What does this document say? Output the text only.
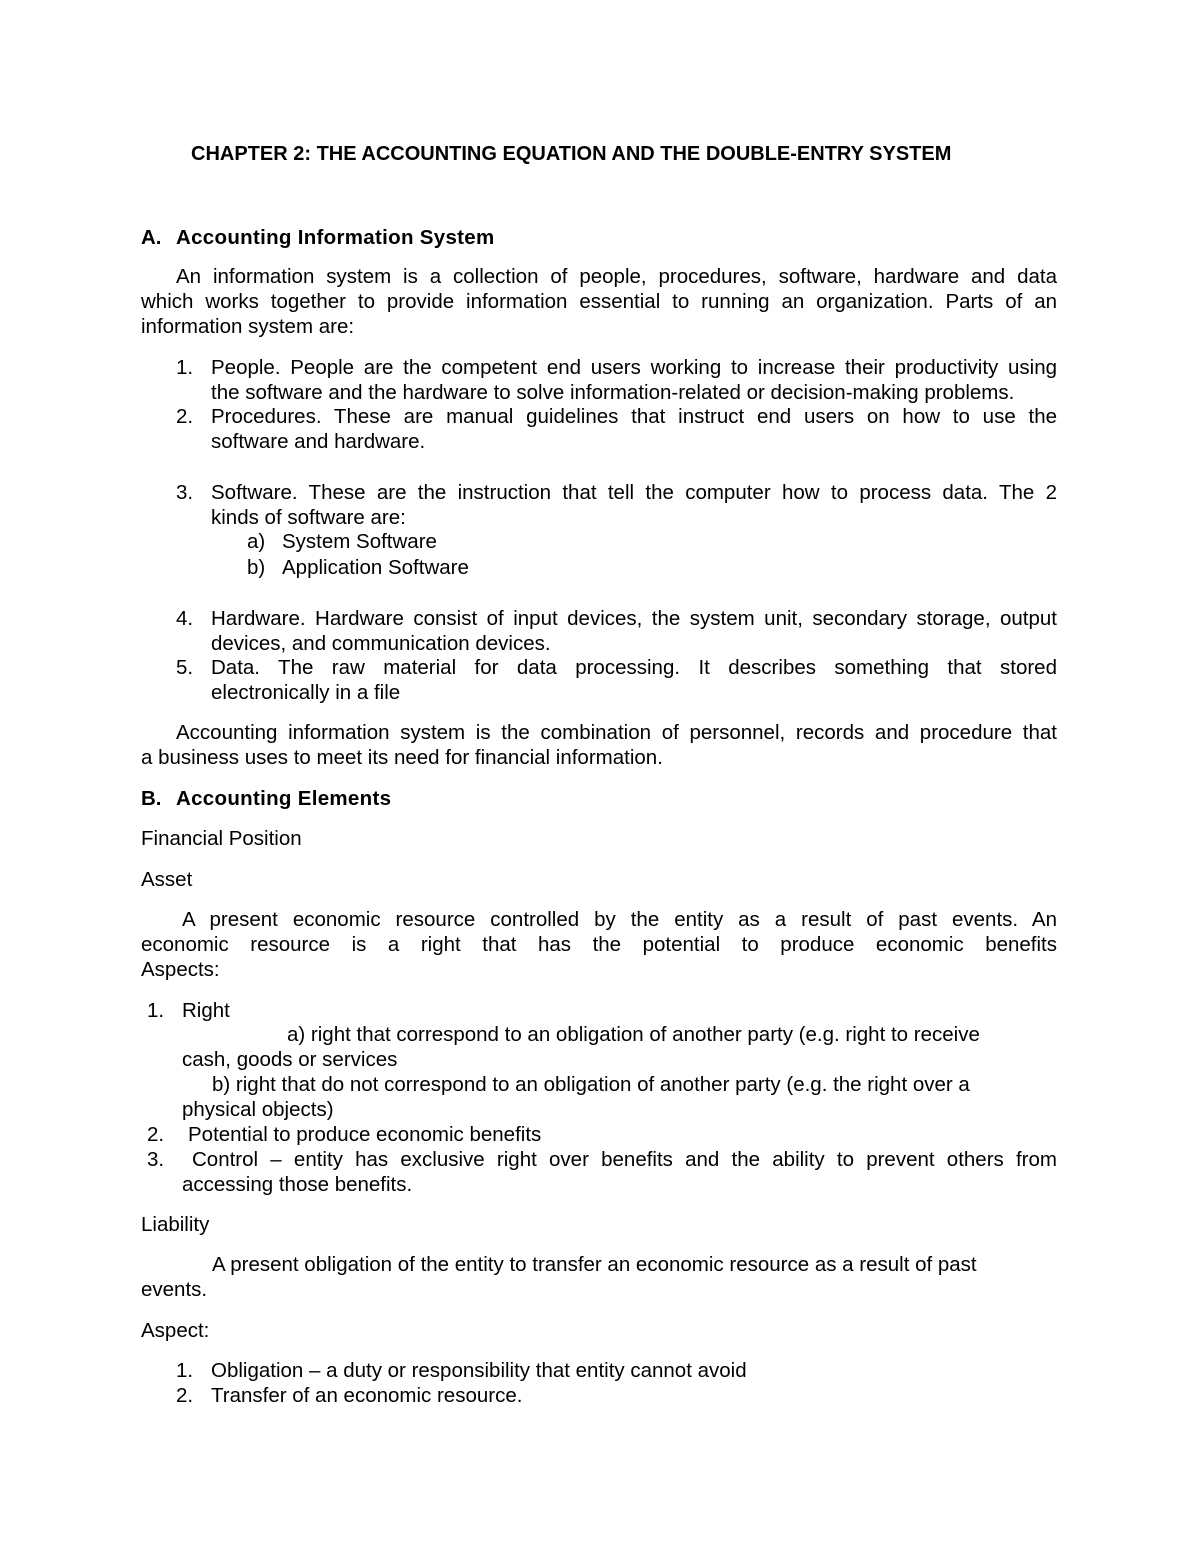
CHAPTER 2: THE ACCOUNTING EQUATION AND THE DOUBLE-ENTRY SYSTEM
A. Accounting Information System
An information system is a collection of people, procedures, software, hardware and data
which works together to provide information essential to running an organization. Parts of an
information system are:
1. People. People are the competent end users working to increase their productivity using
the software and the hardware to solve information-related or decision-making problems.
2. Procedures. These are manual guidelines that instruct end users on how to use the
software and hardware.
3. Software. These are the instruction that tell the computer how to process data. The 2
kinds of software are:
a) System Software
b) Application Software
4. Hardware. Hardware consist of input devices, the system unit, secondary storage, output
devices, and communication devices.
5. Data. The raw material for data processing. It describes something that stored
electronically in a file
Accounting information system is the combination of personnel, records and procedure that
a business uses to meet its need for financial information.
B. Accounting Elements
Financial Position
Asset
A present economic resource controlled by the entity as a result of past events. An
economic resource is a right that has the potential to produce economic benefits
Aspects:
1. Right
a) right that correspond to an obligation of another party (e.g. right to receive
cash, goods or services
b) right that do not correspond to an obligation of another party (e.g. the right over a
physical objects)
2. Potential to produce economic benefits
3. Control – entity has exclusive right over benefits and the ability to prevent others from
accessing those benefits.
Liability
A present obligation of the entity to transfer an economic resource as a result of past
events.
Aspect:
1. Obligation – a duty or responsibility that entity cannot avoid
2. Transfer of an economic resource.
